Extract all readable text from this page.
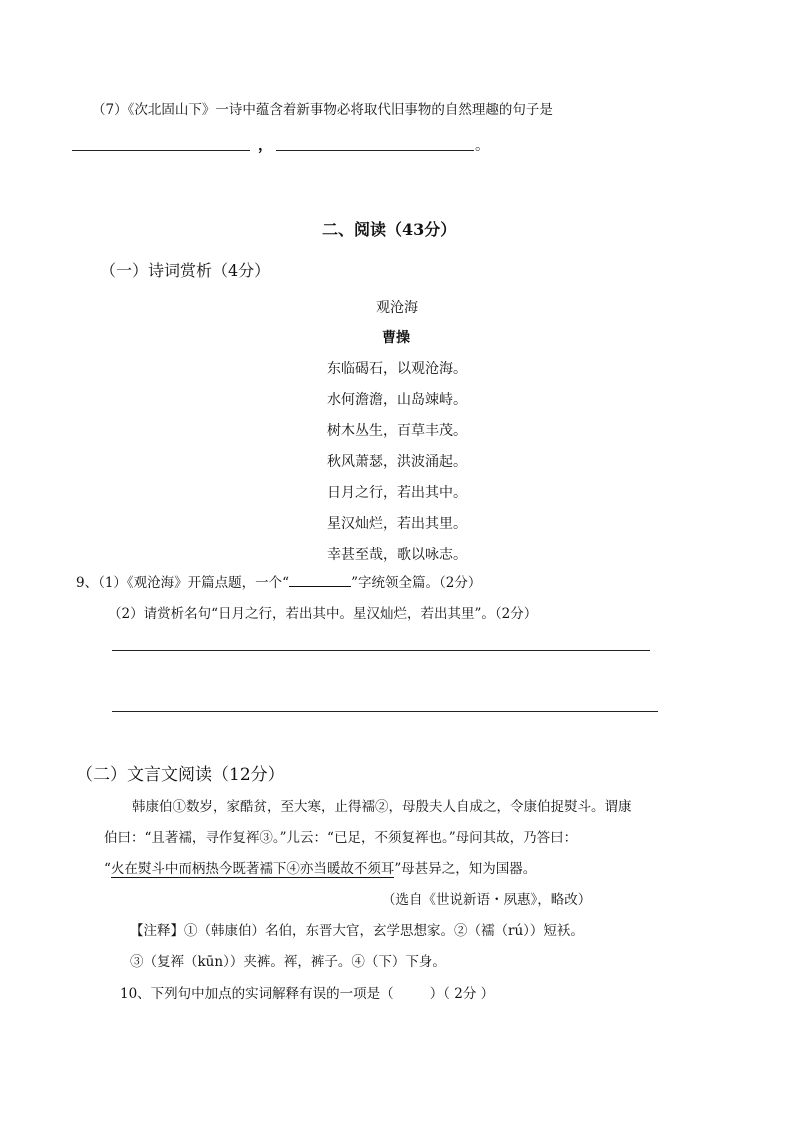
（7）《次北固山下》一诗中蕴含着新事物必将取代旧事物的自然理趣的句子是
，	。
二、阅读（43分）
（一）诗词赏析（4分）
观沧海
曹操
东临碣石，以观沧海。
水何澹澹，山岛竦峙。
树木丛生，百草丰茂。
秋风萧瑟，洪波涌起。
日月之行，若出其中。
星汉灿烂，若出其里。
幸甚至哉，歌以咏志。
9、（1）《观沧海》开篇点题，一个“	”字统领全篇。（2分）
（2）请赏析名句“日月之行，若出其中。星汉灿烂，若出其里”。（2分）
（二）文言文阅读（12分）
韩康伯①数岁，家酷贫，至大寒，止得襦②，母殷夫人自成之，令康伯捉熨斗。谓康
伯曰：“且著襦，寻作复裈③。”儿云：“已足，不须复裈也。”母问其故，乃答曰：
“火在熨斗中而柄热今既著襦下④亦当暖故不须耳”母甚异之，知为国器。
（选自《世说新语・夙惠》，略改）
【注释】①（韩康伯）名伯，东晋大官，玄学思想家。②（襦（rú））短袄。
③（复裈（kūn））夹裤。裈，裤子。④（下）下身。
10、下列句中加点的实词解释有误的一项是（	）（ 2分 ）
